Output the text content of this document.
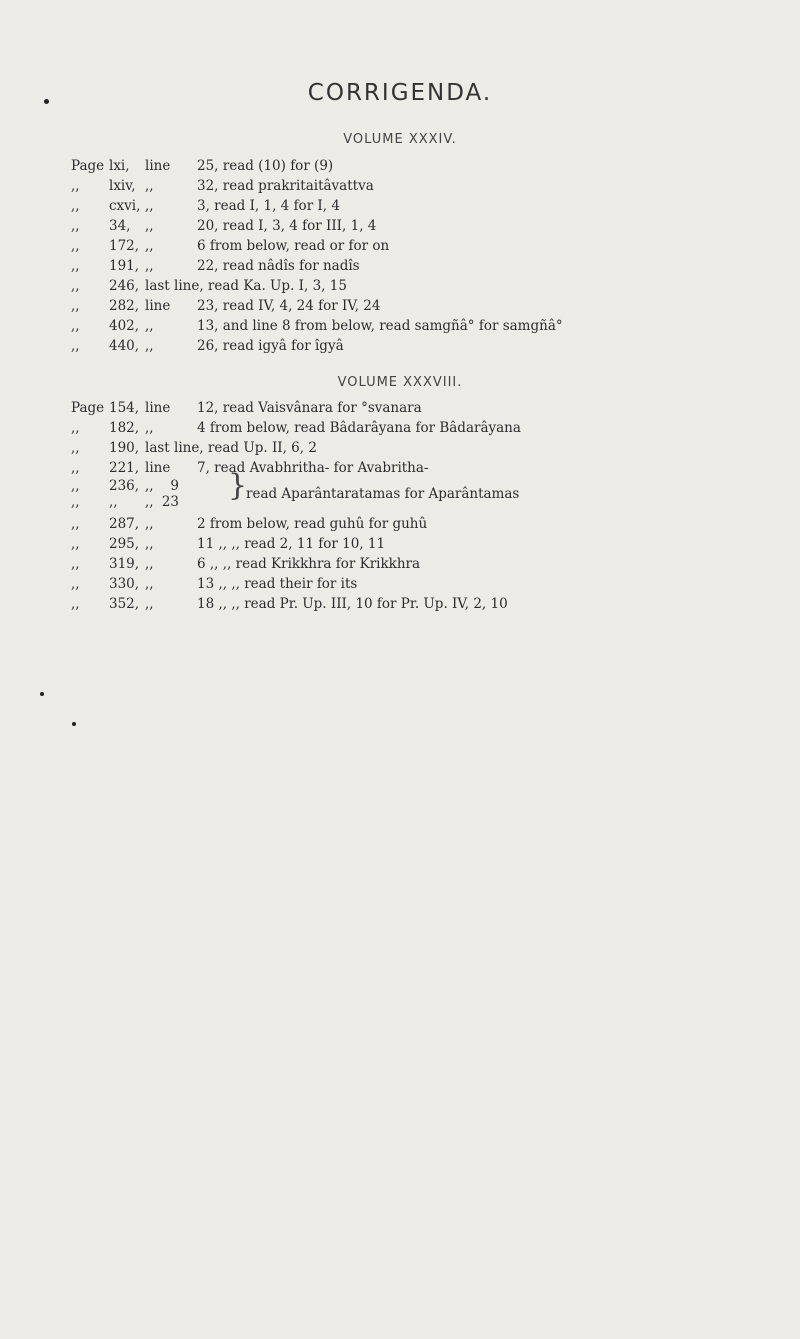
CORRIGENDA.
VOLUME XXXIV.
Page lxi, line 25, read (10) for (9)
,, lxiv, ,,	32, read prakritaitâvattva
,, cxvi, ,,	3, read I, 1, 4 for I, 4
,, 34, ,,	20, read I, 3, 4 for III, 1, 4
,, 172, ,,	6 from below, read or for on
,, 191, ,,	22, read nâdîs for nadîs
,, 246, last line, read Ka. Up. I, 3, 15
,, 282, line 23, read IV, 4, 24 for IV, 24
,, 402, ,,	13, and line 8 from below, read samgñâ° for samgñâ°
,, 440, ,,	26, read igyâ for îgyâ
VOLUME XXXVIII.
Page 154, line 12, read Vaisvânara for °svanara
,, 182, ,,	4 from below, read Bâdarâyana for Bâdarâyana
,, 190, last line, read Up. II, 6, 2
,, 221, line 7, read Avabhritha- for Avabritha-
,, 236, ,, 9
,, ,, ,, 23 }
read Aparântaratamas for Aparântamas
,, 287, ,,	2 from below, read guhû for guhû
,, 295, ,,	11 ,, ,, read 2, 11 for 10, 11
,, 319, ,,	6 ,, ,, read Krikkhra for Krikkhra
,, 330, ,,	13 ,, ,, read their for its
,, 352, ,,	18 ,, ,, read Pr. Up. III, 10 for Pr. Up. IV, 2, 10
